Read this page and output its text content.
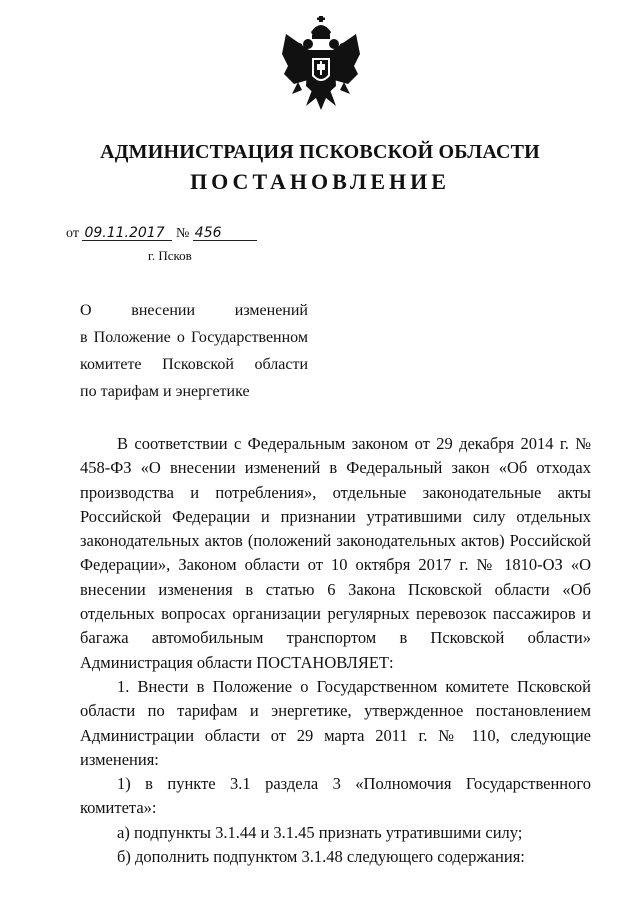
АДМИНИСТРАЦИЯ ПСКОВСКОЙ ОБЛАСТИ
ПОСТАНОВЛЕНИЕ
от 09.11.2017 № 456
г. Псков
О внесении изменений
в Положение о Государственном
комитете Псковской области
по тарифам и энергетике

В соответствии с Федеральным законом от 29 декабря 2014 г. № 458-ФЗ «О внесении изменений в Федеральный закон «Об отходах производства и потребления», отдельные законодательные акты Российской Федерации и признании утратившими силу отдельных законодательных актов (положений законодательных актов) Российской Федерации», Законом области от 10 октября 2017 г. № 1810-ОЗ «О внесении изменения в статью 6 Закона Псковской области «Об отдельных вопросах организации регулярных перевозок пассажиров и багажа автомобильным транспортом в Псковской области» Администрация области ПОСТАНОВЛЯЕТ:

1. Внести в Положение о Государственном комитете Псковской области по тарифам и энергетике, утвержденное постановлением Администрации области от 29 марта 2011 г. № 110, следующие изменения:

1) в пункте 3.1 раздела 3 «Полномочия Государственного комитета»:

а) подпункты 3.1.44 и 3.1.45 признать утратившими силу;

б) дополнить подпунктом 3.1.48 следующего содержания:
